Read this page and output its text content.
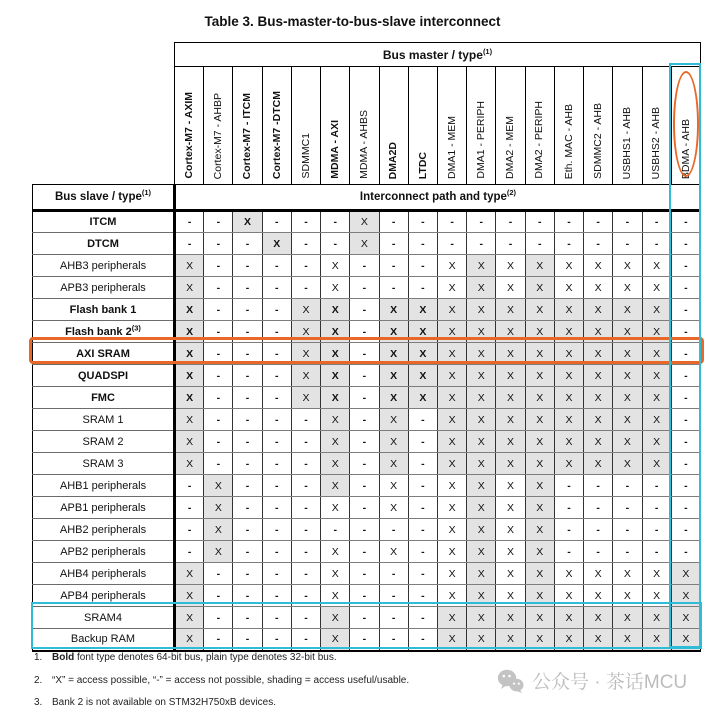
Table 3. Bus-master-to-bus-slave interconnect
	Bus master / type$^{(1)}$

	Cortex-M7 - AXIM	Cortex-M7 - AHBP	Cortex-M7 - ITCM	Cortex-M7 -DTCM	SDMMC1	MDMA - AXI	MDMA - AHBS	DMA2D	LTDC	DMA1 - MEM	DMA1 - PERIPH	DMA2 - MEM	DMA2 - PERIPH	Eth. MAC - AHB	SDMMC2 - AHB	USBHS1 - AHB	USBHS2 - AHB	BDMA - AHB

Bus slave / type$^{(1)}$	Interconnect path and type$^{(2)}$
ITCM	-	-	X	-	-	-	X	-	-	-	-	-	-	-	-	-	-	-
DTCM	-	-	-	X	-	-	X	-	-	-	-	-	-	-	-	-	-	-
AHB3 peripherals	X	-	-	-	-	X	-	-	-	X	X	X	X	X	X	X	X	-
APB3 peripherals	X	-	-	-	-	X	-	-	-	X	X	X	X	X	X	X	X	-
Flash bank 1	X	-	-	-	X	X	-	X	X	X	X	X	X	X	X	X	X	-
Flash bank 2$^{(3)}$	X	-	-	-	X	X	-	X	X	X	X	X	X	X	X	X	X	-
AXI SRAM	X	-	-	-	X	X	-	X	X	X	X	X	X	X	X	X	X	-
QUADSPI	X	-	-	-	X	X	-	X	X	X	X	X	X	X	X	X	X	-
FMC	X	-	-	-	X	X	-	X	X	X	X	X	X	X	X	X	X	-
SRAM 1	X	-	-	-	-	X	-	X	-	X	X	X	X	X	X	X	X	-
SRAM 2	X	-	-	-	-	X	-	X	-	X	X	X	X	X	X	X	X	-
SRAM 3	X	-	-	-	-	X	-	X	-	X	X	X	X	X	X	X	X	-
AHB1 peripherals	-	X	-	-	-	X	-	X	-	X	X	X	X	-	-	-	-	-
APB1 peripherals	-	X	-	-	-	X	-	X	-	X	X	X	X	-	-	-	-	-
AHB2 peripherals	-	X	-	-	-	-	-	-	-	X	X	X	X	-	-	-	-	-
APB2 peripherals	-	X	-	-	-	X	-	X	-	X	X	X	X	-	-	-	-	-
AHB4 peripherals	X	-	-	-	-	X	-	-	-	X	X	X	X	X	X	X	X	X
APB4 peripherals	X	-	-	-	-	X	-	-	-	X	X	X	X	X	X	X	X	X
SRAM4	X	-	-	-	-	X	-	-	-	X	X	X	X	X	X	X	X	X
Backup RAM	X	-	-	-	-	X	-	-	-	X	X	X	X	X	X	X	X	X
1. Bold font type denotes 64-bit bus, plain type denotes 32-bit bus.
2. “X” = access possible, “-” = access not possible, shading = access useful/usable.
3. Bank 2 is not available on STM32H750xB devices.
公众号 · 茶话MCU
